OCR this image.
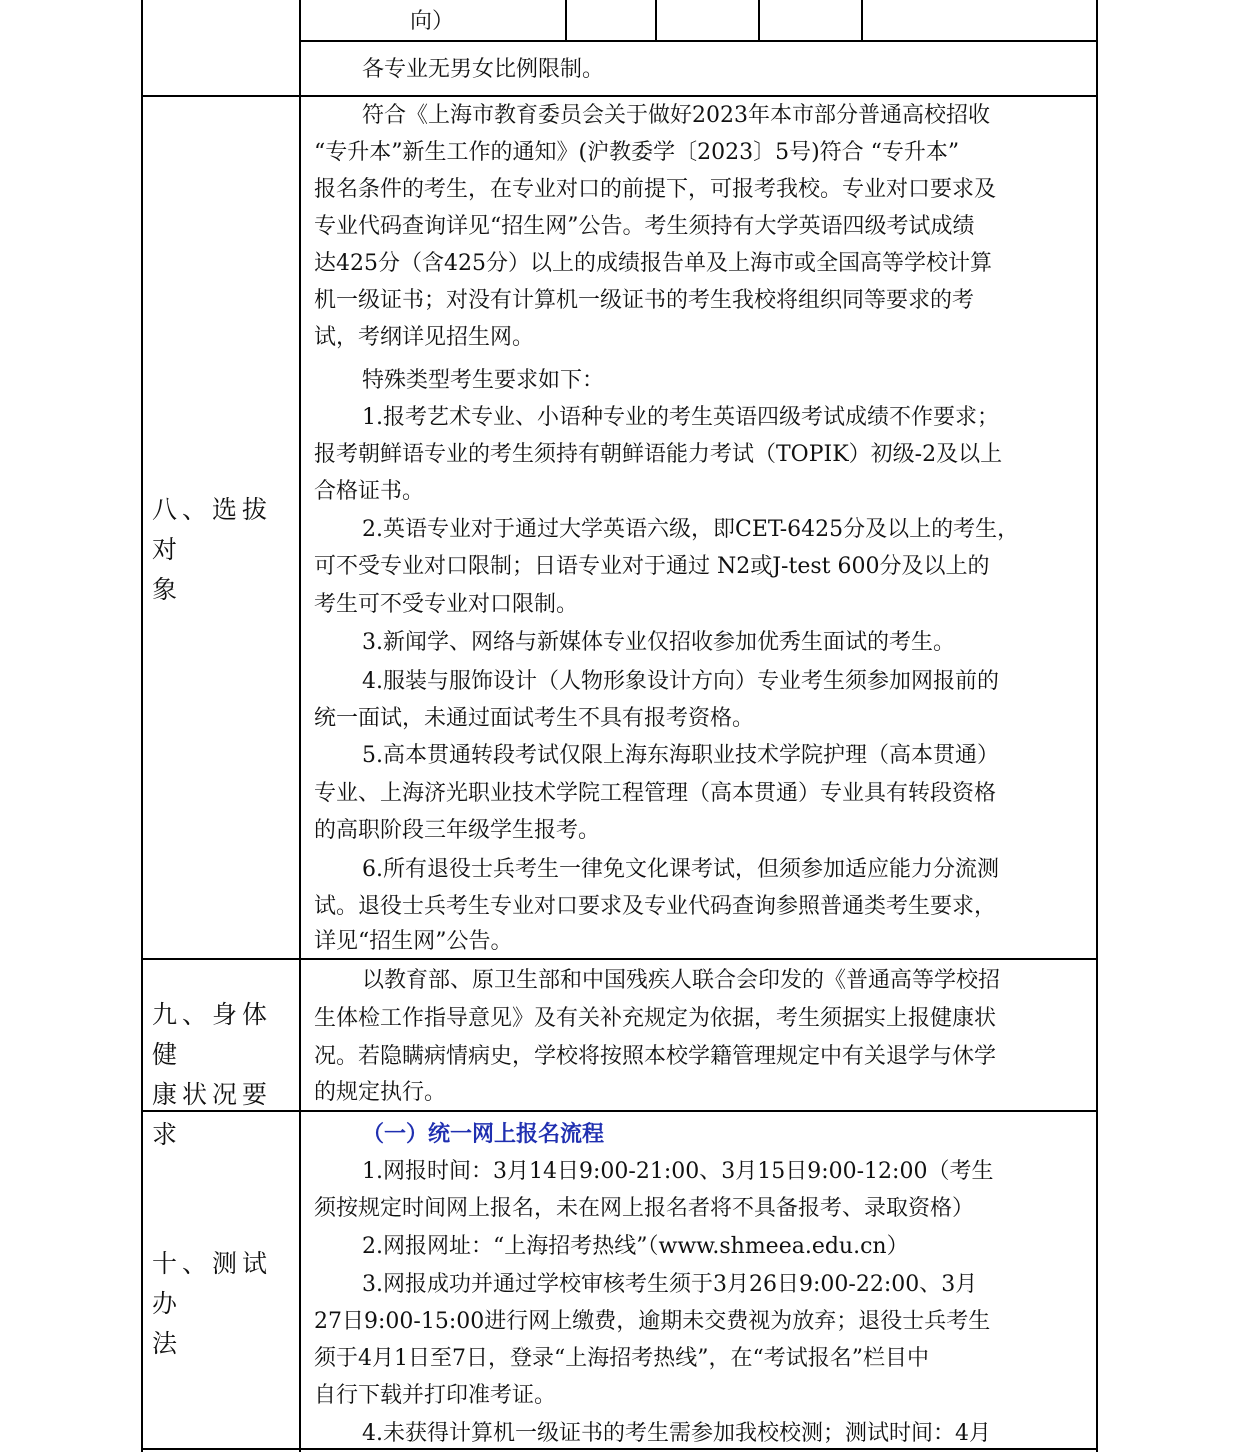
向）
各专业无男女比例限制。
八、选拔对
象
符合《上海市教育委员会关于做好2023年本市部分普通高校招收
“专升本”新生工作的通知》(沪教委学〔2023〕5号)符合 “专升本”
报名条件的考生，在专业对口的前提下，可报考我校。专业对口要求及
专业代码查询详见“招生网”公告。考生须持有大学英语四级考试成绩
达425分（含425分）以上的成绩报告单及上海市或全国高等学校计算
机一级证书；对没有计算机一级证书的考生我校将组织同等要求的考
试，考纲详见招生网。
特殊类型考生要求如下：
1.报考艺术专业、小语种专业的考生英语四级考试成绩不作要求；
报考朝鲜语专业的考生须持有朝鲜语能力考试（TOPIK）初级-2及以上
合格证书。
2.英语专业对于通过大学英语六级，即CET-6425分及以上的考生，
可不受专业对口限制；日语专业对于通过 N2或J-test 600分及以上的
考生可不受专业对口限制。
3.新闻学、网络与新媒体专业仅招收参加优秀生面试的考生。
4.服装与服饰设计（人物形象设计方向）专业考生须参加网报前的
统一面试，未通过面试考生不具有报考资格。
5.高本贯通转段考试仅限上海东海职业技术学院护理（高本贯通）
专业、上海济光职业技术学院工程管理（高本贯通）专业具有转段资格
的高职阶段三年级学生报考。
6.所有退役士兵考生一律免文化课考试，但须参加适应能力分流测
试。退役士兵考生专业对口要求及专业代码查询参照普通类考生要求，
详见“招生网”公告。
九、身体健
康状况要求
以教育部、原卫生部和中国残疾人联合会印发的《普通高等学校招
生体检工作指导意见》及有关补充规定为依据，考生须据实上报健康状
况。若隐瞒病情病史，学校将按照本校学籍管理规定中有关退学与休学
的规定执行。
十、测试办
法
（一）统一网上报名流程
1.网报时间：3月14日9:00-21:00、3月15日9:00-12:00（考生
须按规定时间网上报名，未在网上报名者将不具备报考、录取资格）
2.网报网址：“上海招考热线”（www.shmeea.edu.cn）
3.网报成功并通过学校审核考生须于3月26日9:00-22:00、3月
27日9:00-15:00进行网上缴费，逾期未交费视为放弃；退役士兵考生
须于4月1日至7日，登录“上海招考热线”，在“考试报名”栏目中
自行下载并打印准考证。
4.未获得计算机一级证书的考生需参加我校校测；测试时间：4月
